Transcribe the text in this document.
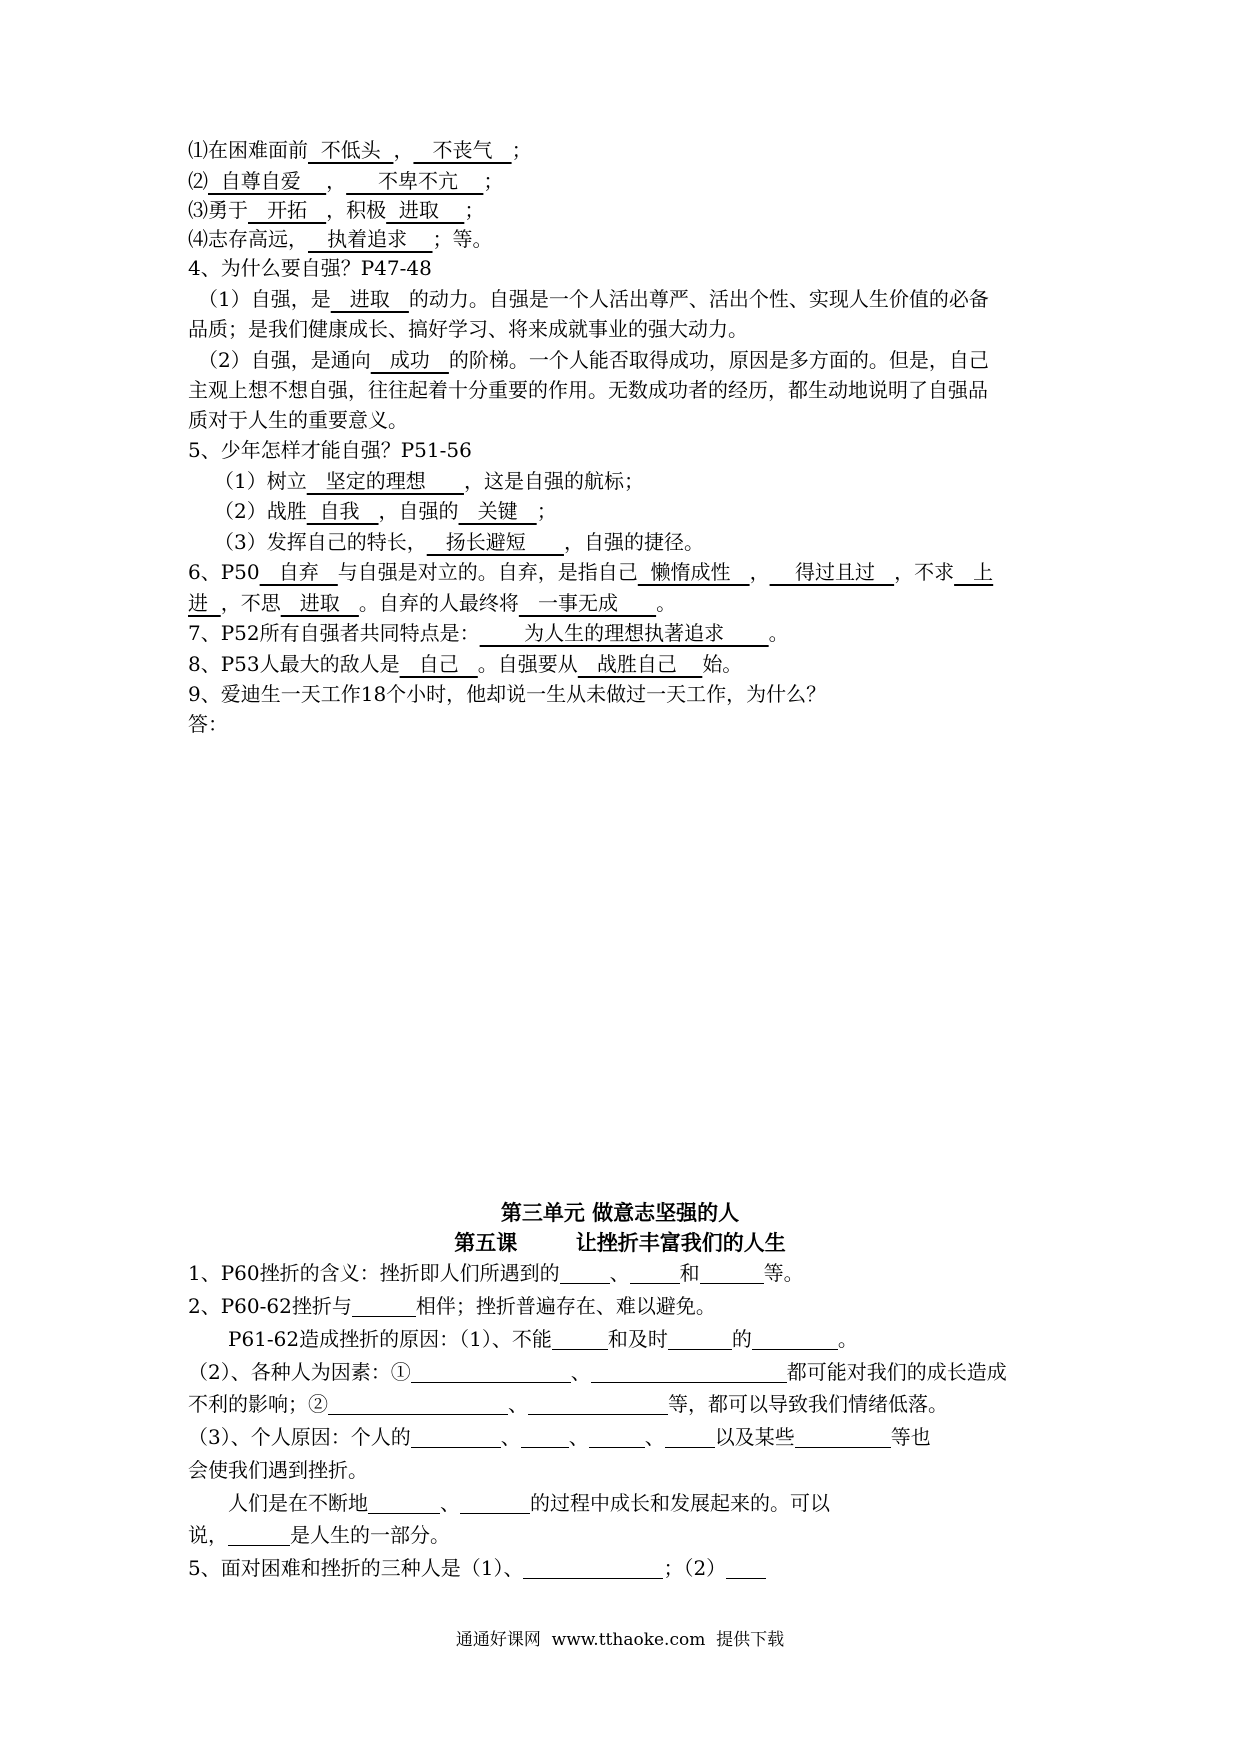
⑴在困难面前  不低头  ，   不丧气   ；
⑵  自尊自爱    ，     不卑不亢    ；
⑶勇于   开拓   ，积极  进取    ；
⑷志存高远，   执着追求    ；等。
4、为什么要自强？P47-48
（1）自强，是   进取   的动力。自强是一个人活出尊严、活出个性、实现人生价值的必备
品质；是我们健康成长、搞好学习、将来成就事业的强大动力。
（2）自强，是通向   成功   的阶梯。一个人能否取得成功，原因是多方面的。但是，自己
主观上想不想自强，往往起着十分重要的作用。无数成功者的经历，都生动地说明了自强品
质对于人生的重要意义。
5、少年怎样才能自强？P51-56
（1）树立   坚定的理想      ，这是自强的航标；
（2）战胜  自我   ，自强的   关键   ；
（3）发挥自己的特长，   扬长避短      ，自强的捷径。
6、P50   自弃   与自强是对立的。自弃，是指自己  懒惰成性   ，    得过且过   ，不求   上
进  ，不思   进取   。自弃的人最终将   一事无成      。
7、P52所有自强者共同特点是：       为人生的理想执著追求       。
8、P53人最大的敌人是   自己   。自强要从   战胜自己    始。
9、爱迪生一天工作18个小时，他却说一生从未做过一天工作，为什么？
答：
第三单元 做意志坚强的人
第五课        让挫折丰富我们的人生
1、P60挫折的含义：挫折即人们所遇到的	、	和	等。
2、P60-62挫折与	相伴；挫折普遍存在、难以避免。
P61-62造成挫折的原因：（1）、不能	和及时	的	。
（2）、各种人为因素：①	、	都可能对我们的成长造成
不利的影响；②	、	等，都可以导致我们情绪低落。
（3）、个人原因：个人的	、 、	、	以及某些	等也
会使我们遇到挫折。
人们是在不断地	、	的过程中成长和发展起来的。可以
说，	是人生的一部分。
5、面对困难和挫折的三种人是（1）、	；（2）
通通好课网  www.tthaoke.com  提供下载
